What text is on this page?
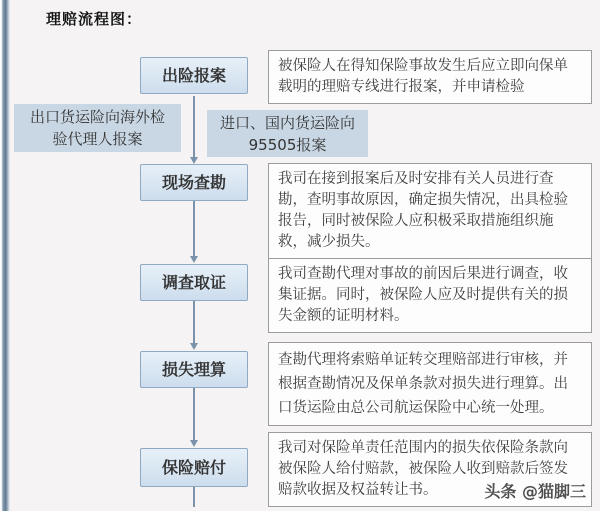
理赔流程图：
出险报案	被保险人在得知保险事故发生后应立即向保单载明的理赔专线进行报案，并申请检验
出口货运险向海外检验代理人报案
进口、国内货运险向95505报案
现场查勘	我司在接到报案后及时安排有关人员进行查勘，查明事故原因，确定损失情况，出具检验报告，同时被保险人应积极采取措施组织施救，减少损失。
调查取证	我司查勘代理对事故的前因后果进行调查，收集证据。同时，被保险人应及时提供有关的损失金额的证明材料。
损失理算	查勘代理将索赔单证转交理赔部进行审核，并根据查勘情况及保单条款对损失进行理算。出口货运险由总公司航运保险中心统一处理。
保险赔付
我司对保险单责任范围内的损失依保险条款向被保险人给付赔款，被保险人收到赔款后签发赔款收据及权益转让书。	头条 @猫脚三
